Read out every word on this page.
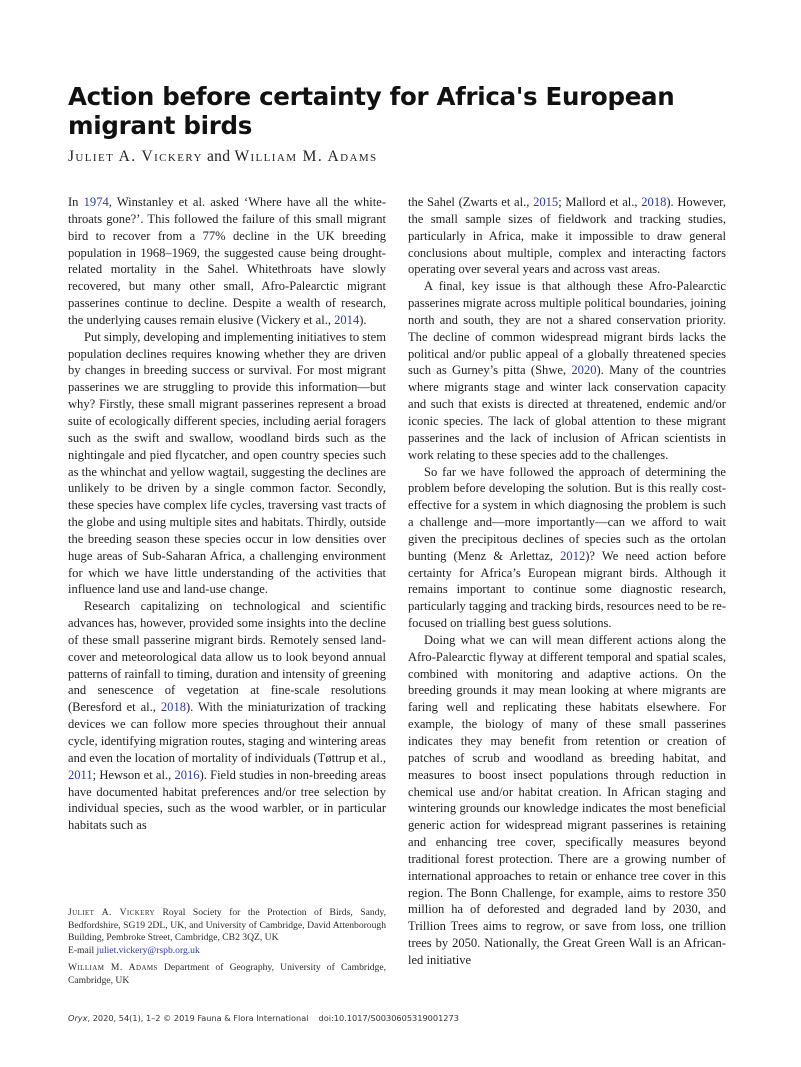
Action before certainty for Africa's European migrant birds
Juliet A. Vickery and William M. Adams

In 1974, Winstanley et al. asked ‘Where have all the whitethroats gone?’. This followed the failure of this small migrant bird to recover from a 77% decline in the UK breeding population in 1968–1969, the suggested cause being drought-related mortality in the Sahel. Whitethroats have slowly recovered, but many other small, Afro-Palearctic migrant passerines continue to decline. Despite a wealth of research, the underlying causes remain elusive (Vickery et al., 2014).

Put simply, developing and implementing initiatives to stem population declines requires knowing whether they are driven by changes in breeding success or survival. For most migrant passerines we are struggling to provide this information—but why? Firstly, these small migrant passerines represent a broad suite of ecologically different species, including aerial foragers such as the swift and swallow, woodland birds such as the nightingale and pied flycatcher, and open country species such as the whinchat and yellow wagtail, suggesting the declines are unlikely to be driven by a single common factor. Secondly, these species have complex life cycles, traversing vast tracts of the globe and using multiple sites and habitats. Thirdly, outside the breeding season these species occur in low densities over huge areas of Sub-Saharan Africa, a challenging environment for which we have little understanding of the activities that influence land use and land-use change.

Research capitalizing on technological and scientific advances has, however, provided some insights into the decline of these small passerine migrant birds. Remotely sensed land-cover and meteorological data allow us to look beyond annual patterns of rainfall to timing, duration and intensity of greening and senescence of vegetation at fine-scale resolutions (Beresford et al., 2018). With the miniaturization of tracking devices we can follow more species throughout their annual cycle, identifying migration routes, staging and wintering areas and even the location of mortality of individuals (Tøttrup et al., 2011; Hewson et al., 2016). Field studies in non-breeding areas have documented habitat preferences and/or tree selection by individual species, such as the wood warbler, or in particular habitats such as

the Sahel (Zwarts et al., 2015; Mallord et al., 2018). However, the small sample sizes of fieldwork and tracking studies, particularly in Africa, make it impossible to draw general conclusions about multiple, complex and interacting factors operating over several years and across vast areas.

A final, key issue is that although these Afro-Palearctic passerines migrate across multiple political boundaries, joining north and south, they are not a shared conservation priority. The decline of common widespread migrant birds lacks the political and/or public appeal of a globally threatened species such as Gurney’s pitta (Shwe, 2020). Many of the countries where migrants stage and winter lack conservation capacity and such that exists is directed at threatened, endemic and/or iconic species. The lack of global attention to these migrant passerines and the lack of inclusion of African scientists in work relating to these species add to the challenges.

So far we have followed the approach of determining the problem before developing the solution. But is this really cost-effective for a system in which diagnosing the problem is such a challenge and—more importantly—can we afford to wait given the precipitous declines of species such as the ortolan bunting (Menz & Arlettaz, 2012)? We need action before certainty for Africa’s European migrant birds. Although it remains important to continue some diagnostic research, particularly tagging and tracking birds, resources need to be re-focused on trialling best guess solutions.

Doing what we can will mean different actions along the Afro-Palearctic flyway at different temporal and spatial scales, combined with monitoring and adaptive actions. On the breeding grounds it may mean looking at where migrants are faring well and replicating these habitats elsewhere. For example, the biology of many of these small passerines indicates they may benefit from retention or creation of patches of scrub and woodland as breeding habitat, and measures to boost insect populations through reduction in chemical use and/or habitat creation. In African staging and wintering grounds our knowledge indicates the most beneficial generic action for widespread migrant passerines is retaining and enhancing tree cover, specifically measures beyond traditional forest protection. There are a growing number of international approaches to retain or enhance tree cover in this region. The Bonn Challenge, for example, aims to restore 350 million ha of deforested and degraded land by 2030, and Trillion Trees aims to regrow, or save from loss, one trillion trees by 2050. Nationally, the Great Green Wall is an African-led initiative

Juliet A. Vickery Royal Society for the Protection of Birds, Sandy, Bedfordshire, SG19 2DL, UK, and University of Cambridge, David Attenborough Building, Pembroke Street, Cambridge, CB2 3QZ, UK
E-mail juliet.vickery@rspb.org.uk
William M. Adams Department of Geography, University of Cambridge, Cambridge, UK
Oryx, 2020, 54(1), 1–2 © 2019 Fauna & Flora International doi:10.1017/S0030605319001273
